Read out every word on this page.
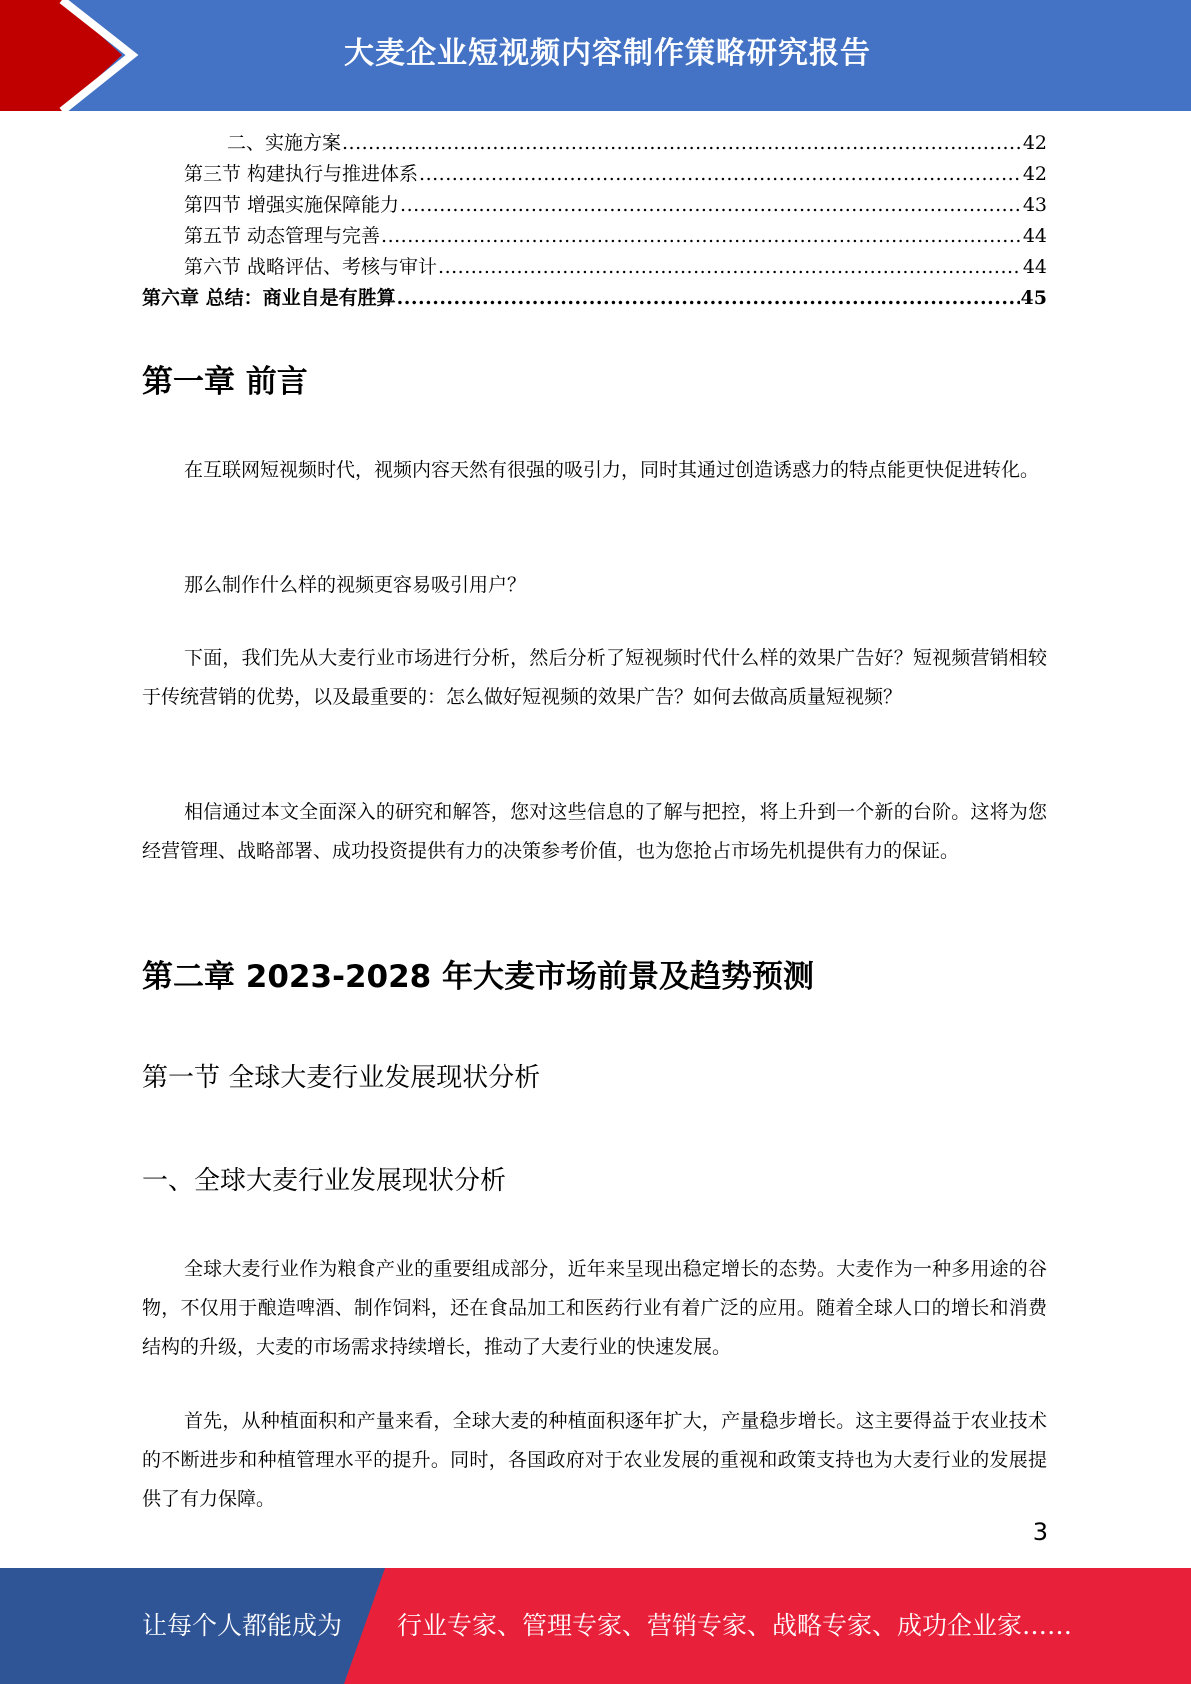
大麦企业短视频内容制作策略研究报告
二、实施方案 .....	42
第三节 构建执行与推进体系 .....	42
第四节 增强实施保障能力 .....	43
第五节 动态管理与完善 .....	44
第六节 战略评估、考核与审计 .....	44
第六章 总结：商业自是有胜算 .....	45
第一章 前言

在互联网短视频时代，视频内容天然有很强的吸引力，同时其通过创造诱惑力的特点能更快促进转化。

那么制作什么样的视频更容易吸引用户？

下面，我们先从大麦行业市场进行分析，然后分析了短视频时代什么样的效果广告好？短视频营销相较于传统营销的优势，以及最重要的：怎么做好短视频的效果广告？如何去做高质量短视频？

相信通过本文全面深入的研究和解答，您对这些信息的了解与把控，将上升到一个新的台阶。这将为您经营管理、战略部署、成功投资提供有力的决策参考价值，也为您抢占市场先机提供有力的保证。

第二章 2023-2028 年大麦市场前景及趋势预测
第一节 全球大麦行业发展现状分析
一、全球大麦行业发展现状分析

全球大麦行业作为粮食产业的重要组成部分，近年来呈现出稳定增长的态势。大麦作为一种多用途的谷物，不仅用于酿造啤酒、制作饲料，还在食品加工和医药行业有着广泛的应用。随着全球人口的增长和消费结构的升级，大麦的市场需求持续增长，推动了大麦行业的快速发展。

首先，从种植面积和产量来看，全球大麦的种植面积逐年扩大，产量稳步增长。这主要得益于农业技术的不断进步和种植管理水平的提升。同时，各国政府对于农业发展的重视和政策支持也为大麦行业的发展提供了有力保障。

3
让每个人都能成为 行业专家、管理专家、营销专家、战略专家、成功企业家……
